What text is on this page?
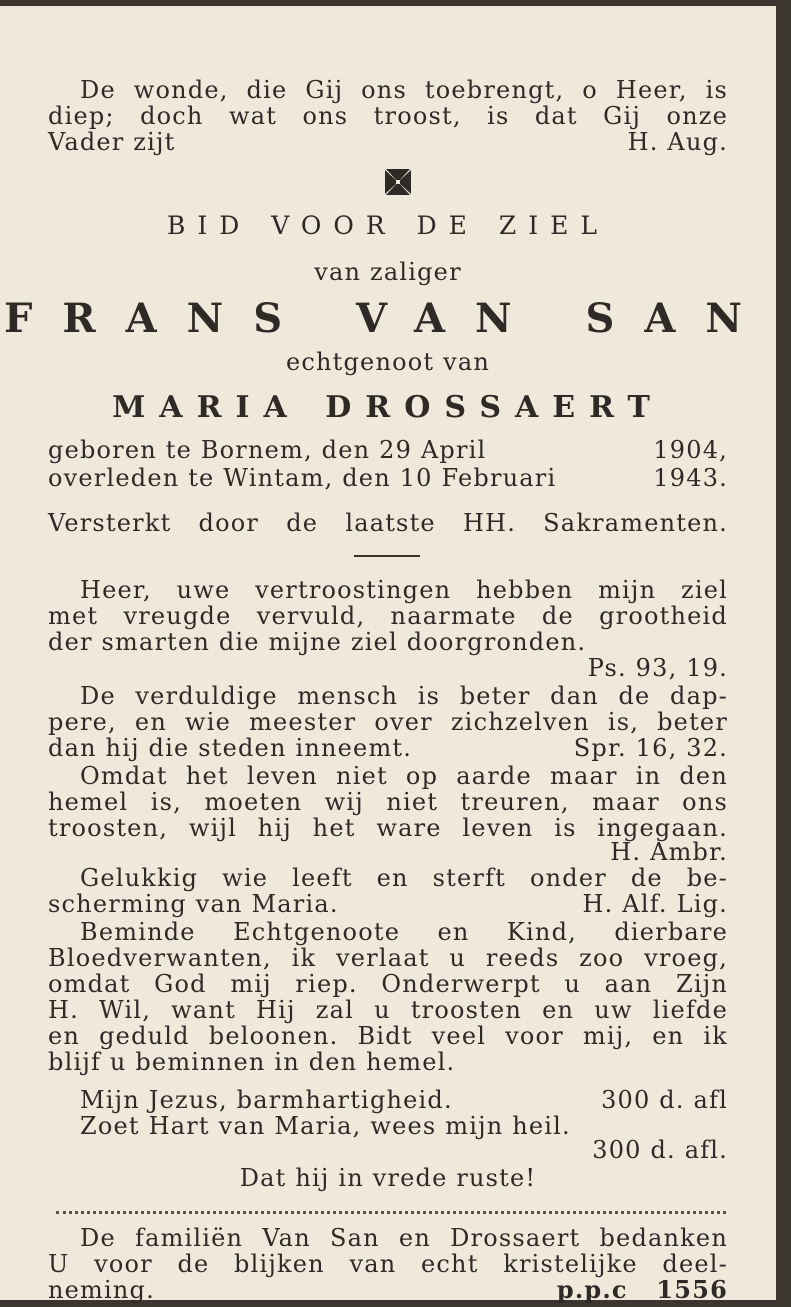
De wonde, die Gij ons toebrengt, o Heer, is
diep; doch wat ons troost, is dat Gij onze
Vader zijt	H. Aug.
BID VOOR DE ZIEL
van zaliger
FRANS VAN SAN
echtgenoot van
MARIA DROSSAERT
geboren te Bornem, den 29 April	1904,
overleden te Wintam, den 10 Februari	1943.
Versterkt door de laatste HH. Sakramenten.
Heer, uwe vertroostingen hebben mijn ziel
met vreugde vervuld, naarmate de grootheid
der smarten die mijne ziel doorgronden.
Ps. 93, 19.
De verduldige mensch is beter dan de dap-
pere, en wie meester over zichzelven is, beter
dan hij die steden inneemt.	Spr. 16, 32.
Omdat het leven niet op aarde maar in den
hemel is, moeten wij niet treuren, maar ons
troosten, wijl hij het ware leven is ingegaan.
H. Ambr.
Gelukkig wie leeft en sterft onder de be-
scherming van Maria.	H. Alf. Lig.
Beminde Echtgenoote en Kind, dierbare
Bloedverwanten, ik verlaat u reeds zoo vroeg,
omdat God mij riep. Onderwerpt u aan Zijn
H. Wil, want Hij zal u troosten en uw liefde
en geduld beloonen. Bidt veel voor mij, en ik
blijf u beminnen in den hemel.
Mijn Jezus, barmhartigheid.	300 d. afl
Zoet Hart van Maria, wees mijn heil.
300 d. afl.
Dat hij in vrede ruste!
De familiën Van San en Drossaert bedanken
U voor de blijken van echt kristelijke deel-
neming.	p.p.c   1556
